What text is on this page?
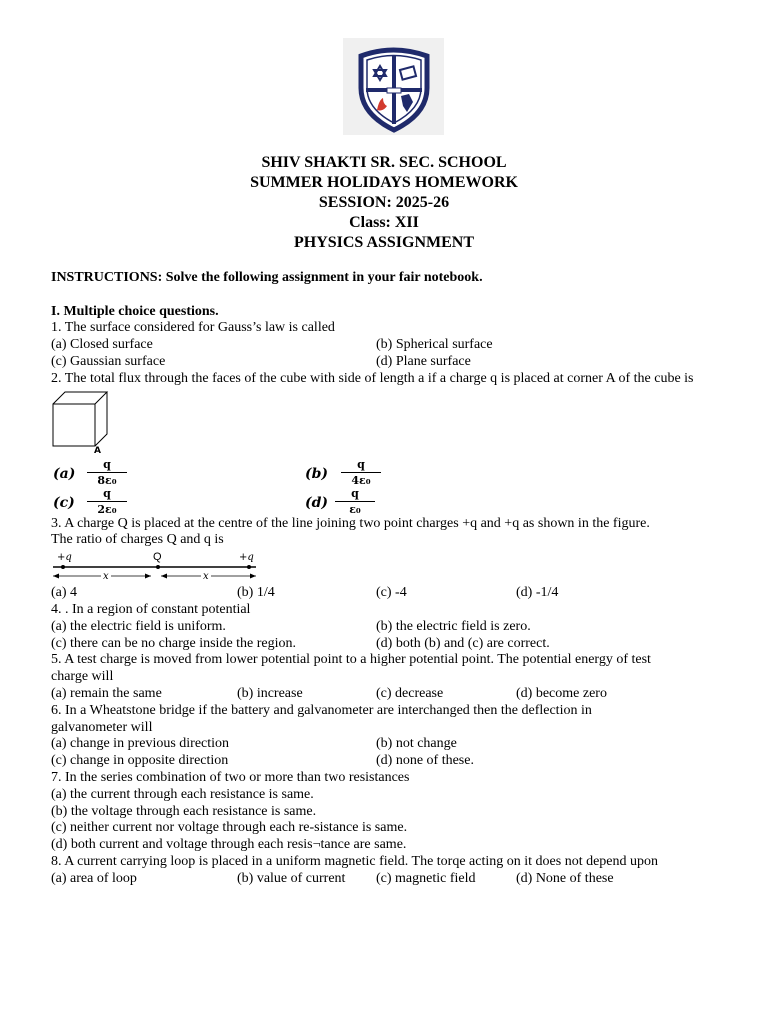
SHIV SHAKTI SR. SEC. SCHOOL
SUMMER HOLIDAYS HOMEWORK
SESSION: 2025-26
Class: XII
PHYSICS ASSIGNMENT
INSTRUCTIONS: Solve the following assignment in your fair notebook.
I. Multiple choice questions.
1. The surface considered for Gauss’s law is called
(a) Closed surface	(b) Spherical surface
(c) Gaussian surface	(d) Plane surface
2. The total flux through the faces of the cube with side of length a if a charge q is placed at corner A of the cube is
A
$(a) \frac{q}{\text{8ε₀}}$	$(b) \frac{q}{\text{4ε₀}}$
$(c) \frac{q}{\text{2ε₀}}$	$(d) \frac{q}{\text{ε₀}}$
3. A charge Q is placed at the centre of the line joining two point charges +q and +q as shown in the figure.
The ratio of charges Q and q is
+q	Q	+q
x	x
(a) 4	(b) 1/4	(c) -4	(d) -1/4
4. . In a region of constant potential
(a) the electric field is uniform.	(b) the electric field is zero.
(c) there can be no charge inside the region.	(d) both (b) and (c) are correct.
5. A test charge is moved from lower potential point to a higher potential point. The potential energy of test
charge will
(a) remain the same	(b) increase	(c) decrease	(d) become zero
6. In a Wheatstone bridge if the battery and galvanometer are interchanged then the deflection in
galvanometer will
(a) change in previous direction	(b) not change
(c) change in opposite direction	(d) none of these.
7. In the series combination of two or more than two resistances
(a) the current through each resistance is same.
(b) the voltage through each resistance is same.
(c) neither current nor voltage through each re-sistance is same.
(d) both current and voltage through each resis¬tance are same.
8. A current carrying loop is placed in a uniform magnetic field. The torqe acting on it does not depend upon
(a) area of loop	(b) value of current (c) magnetic field	(d) None of these
